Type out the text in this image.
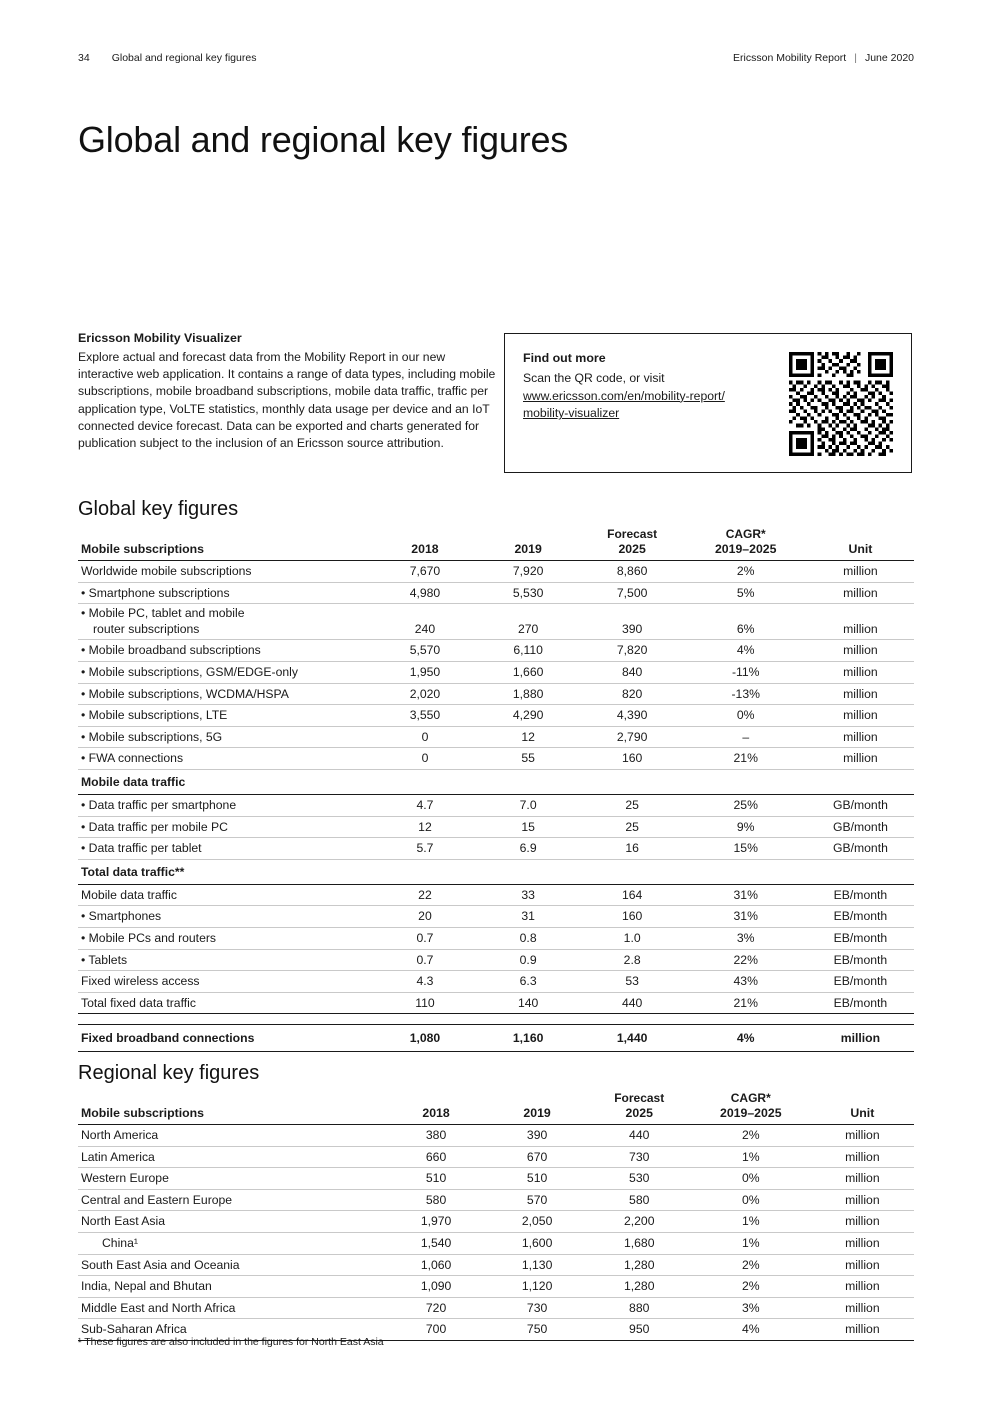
34 Global and regional key figures	Ericsson Mobility Report | June 2020
Global and regional key figures
Ericsson Mobility Visualizer

Explore actual and forecast data from the Mobility Report in our new interactive web application. It contains a range of data types, including mobile subscriptions, mobile broadband subscriptions, mobile data traffic, traffic per application type, VoLTE statistics, monthly data usage per device and an IoT connected device forecast. Data can be exported and charts generated for publication subject to the inclusion of an Ericsson source attribution.

Find out more

Scan the QR code, or visit

www.ericsson.com/en/mobility-report/
mobility-visualizer

Global key figures
			Forecast	CAGR*	
Mobile subscriptions	2018	2019	2025	2019–2025	Unit
Worldwide mobile subscriptions	7,670	7,920	8,860	2%	million
• Smartphone subscriptions	4,980	5,530	7,500	5%	million
• Mobile PC, tablet and mobile
router subscriptions	240	270	390	6%	million
• Mobile broadband subscriptions	5,570	6,110	7,820	4%	million
• Mobile subscriptions, GSM/EDGE-only	1,950	1,660	840	-11%	million
• Mobile subscriptions, WCDMA/HSPA	2,020	1,880	820	-13%	million
• Mobile subscriptions, LTE	3,550	4,290	4,390	0%	million
• Mobile subscriptions, 5G	0	12	2,790	–	million
• FWA connections	0	55	160	21%	million
Mobile data traffic					
• Data traffic per smartphone	4.7	7.0	25	25%	GB/month
• Data traffic per mobile PC	12	15	25	9%	GB/month
• Data traffic per tablet	5.7	6.9	16	15%	GB/month
Total data traffic**					
Mobile data traffic	22	33	164	31%	EB/month
• Smartphones	20	31	160	31%	EB/month
• Mobile PCs and routers	0.7	0.8	1.0	3%	EB/month
• Tablets	0.7	0.9	2.8	22%	EB/month
Fixed wireless access	4.3	6.3	53	43%	EB/month
Total fixed data traffic	110	140	440	21%	EB/month

Fixed broadband connections	1,080	1,160	1,440	4%	million
Regional key figures
			Forecast	CAGR*	
Mobile subscriptions	2018	2019	2025	2019–2025	Unit
North America	380	390	440	2%	million
Latin America	660	670	730	1%	million
Western Europe	510	510	530	0%	million
Central and Eastern Europe	580	570	580	0%	million
North East Asia	1,970	2,050	2,200	1%	million
China¹	1,540	1,600	1,680	1%	million
South East Asia and Oceania	1,060	1,130	1,280	2%	million
India, Nepal and Bhutan	1,090	1,120	1,280	2%	million
Middle East and North Africa	720	730	880	3%	million
Sub-Saharan Africa	700	750	950	4%	million
¹ These figures are also included in the figures for North East Asia
